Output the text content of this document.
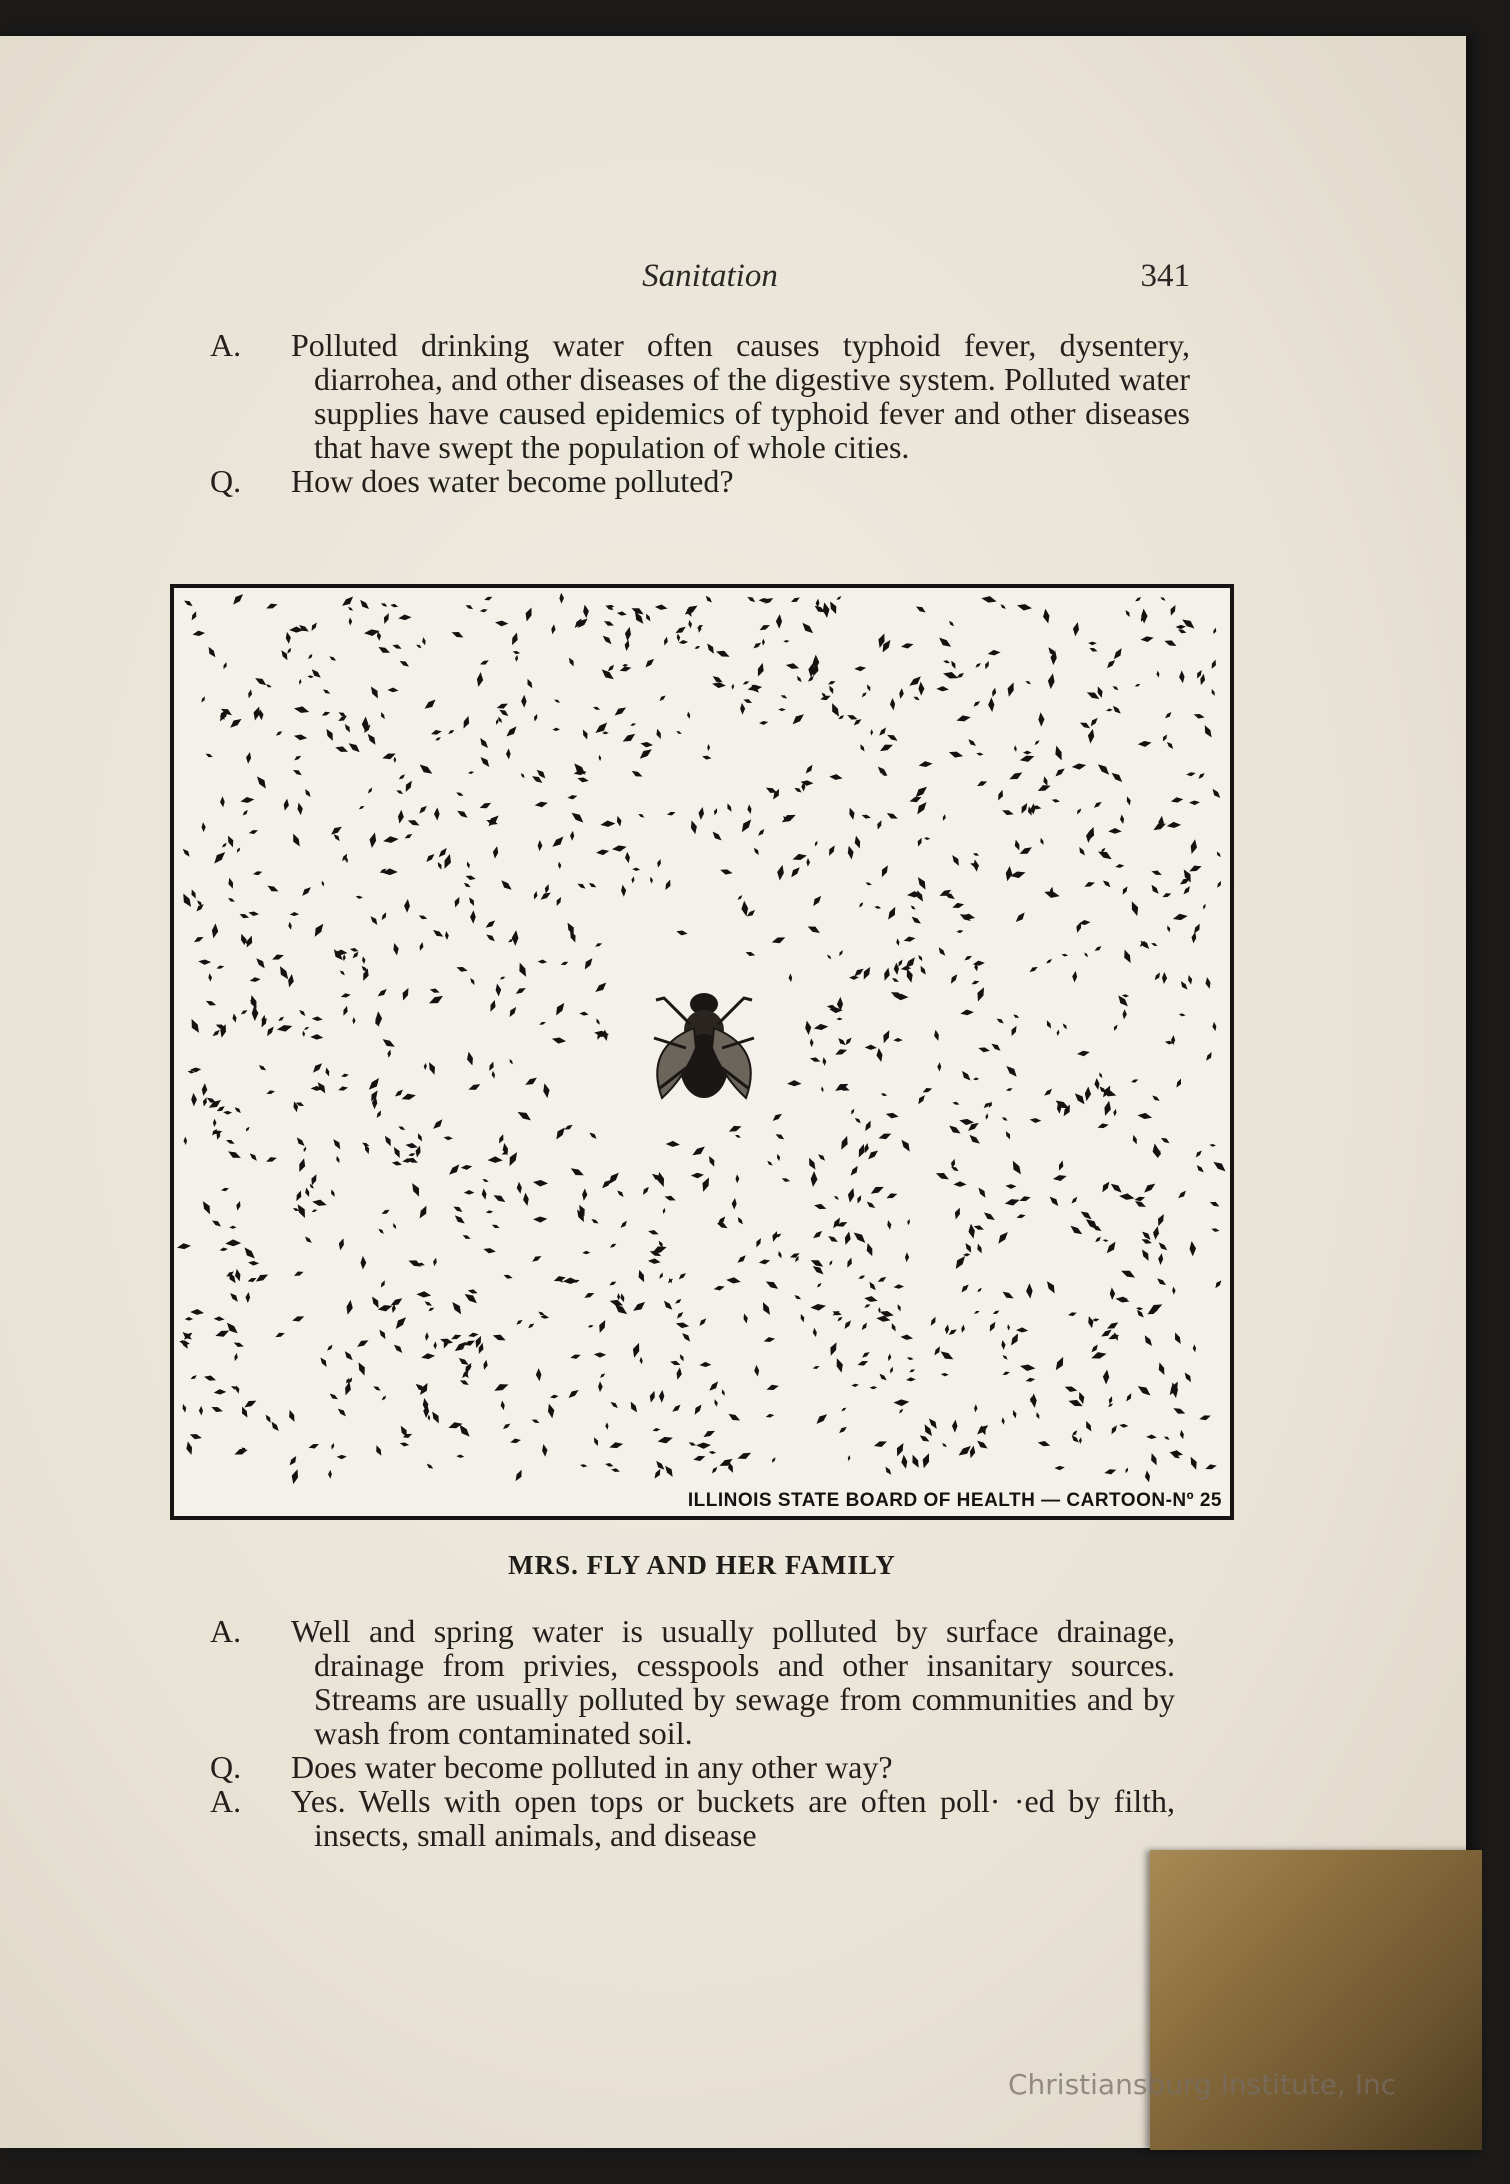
Sanitation	341
A.	Polluted drinking water often causes typhoid fever, dysentery, diarrohea, and other diseases of the digestive system. Polluted water supplies have caused epidemics of typhoid fever and other diseases that have swept the population of whole cities.
Q.	How does water become polluted?
ILLINOIS STATE BOARD OF HEALTH — CARTOON-Nº 25
MRS. FLY AND HER FAMILY
A.	Well and spring water is usually polluted by surface drainage, drainage from privies, cesspools and other insanitary sources. Streams are usually polluted by sewage from communities and by wash from contaminated soil.
Q.	Does water become polluted in any other way?
A.	Yes. Wells with open tops or buckets are often poll· ·ed by filth, insects, small animals, and disease
Christiansburg Institute, Inc
